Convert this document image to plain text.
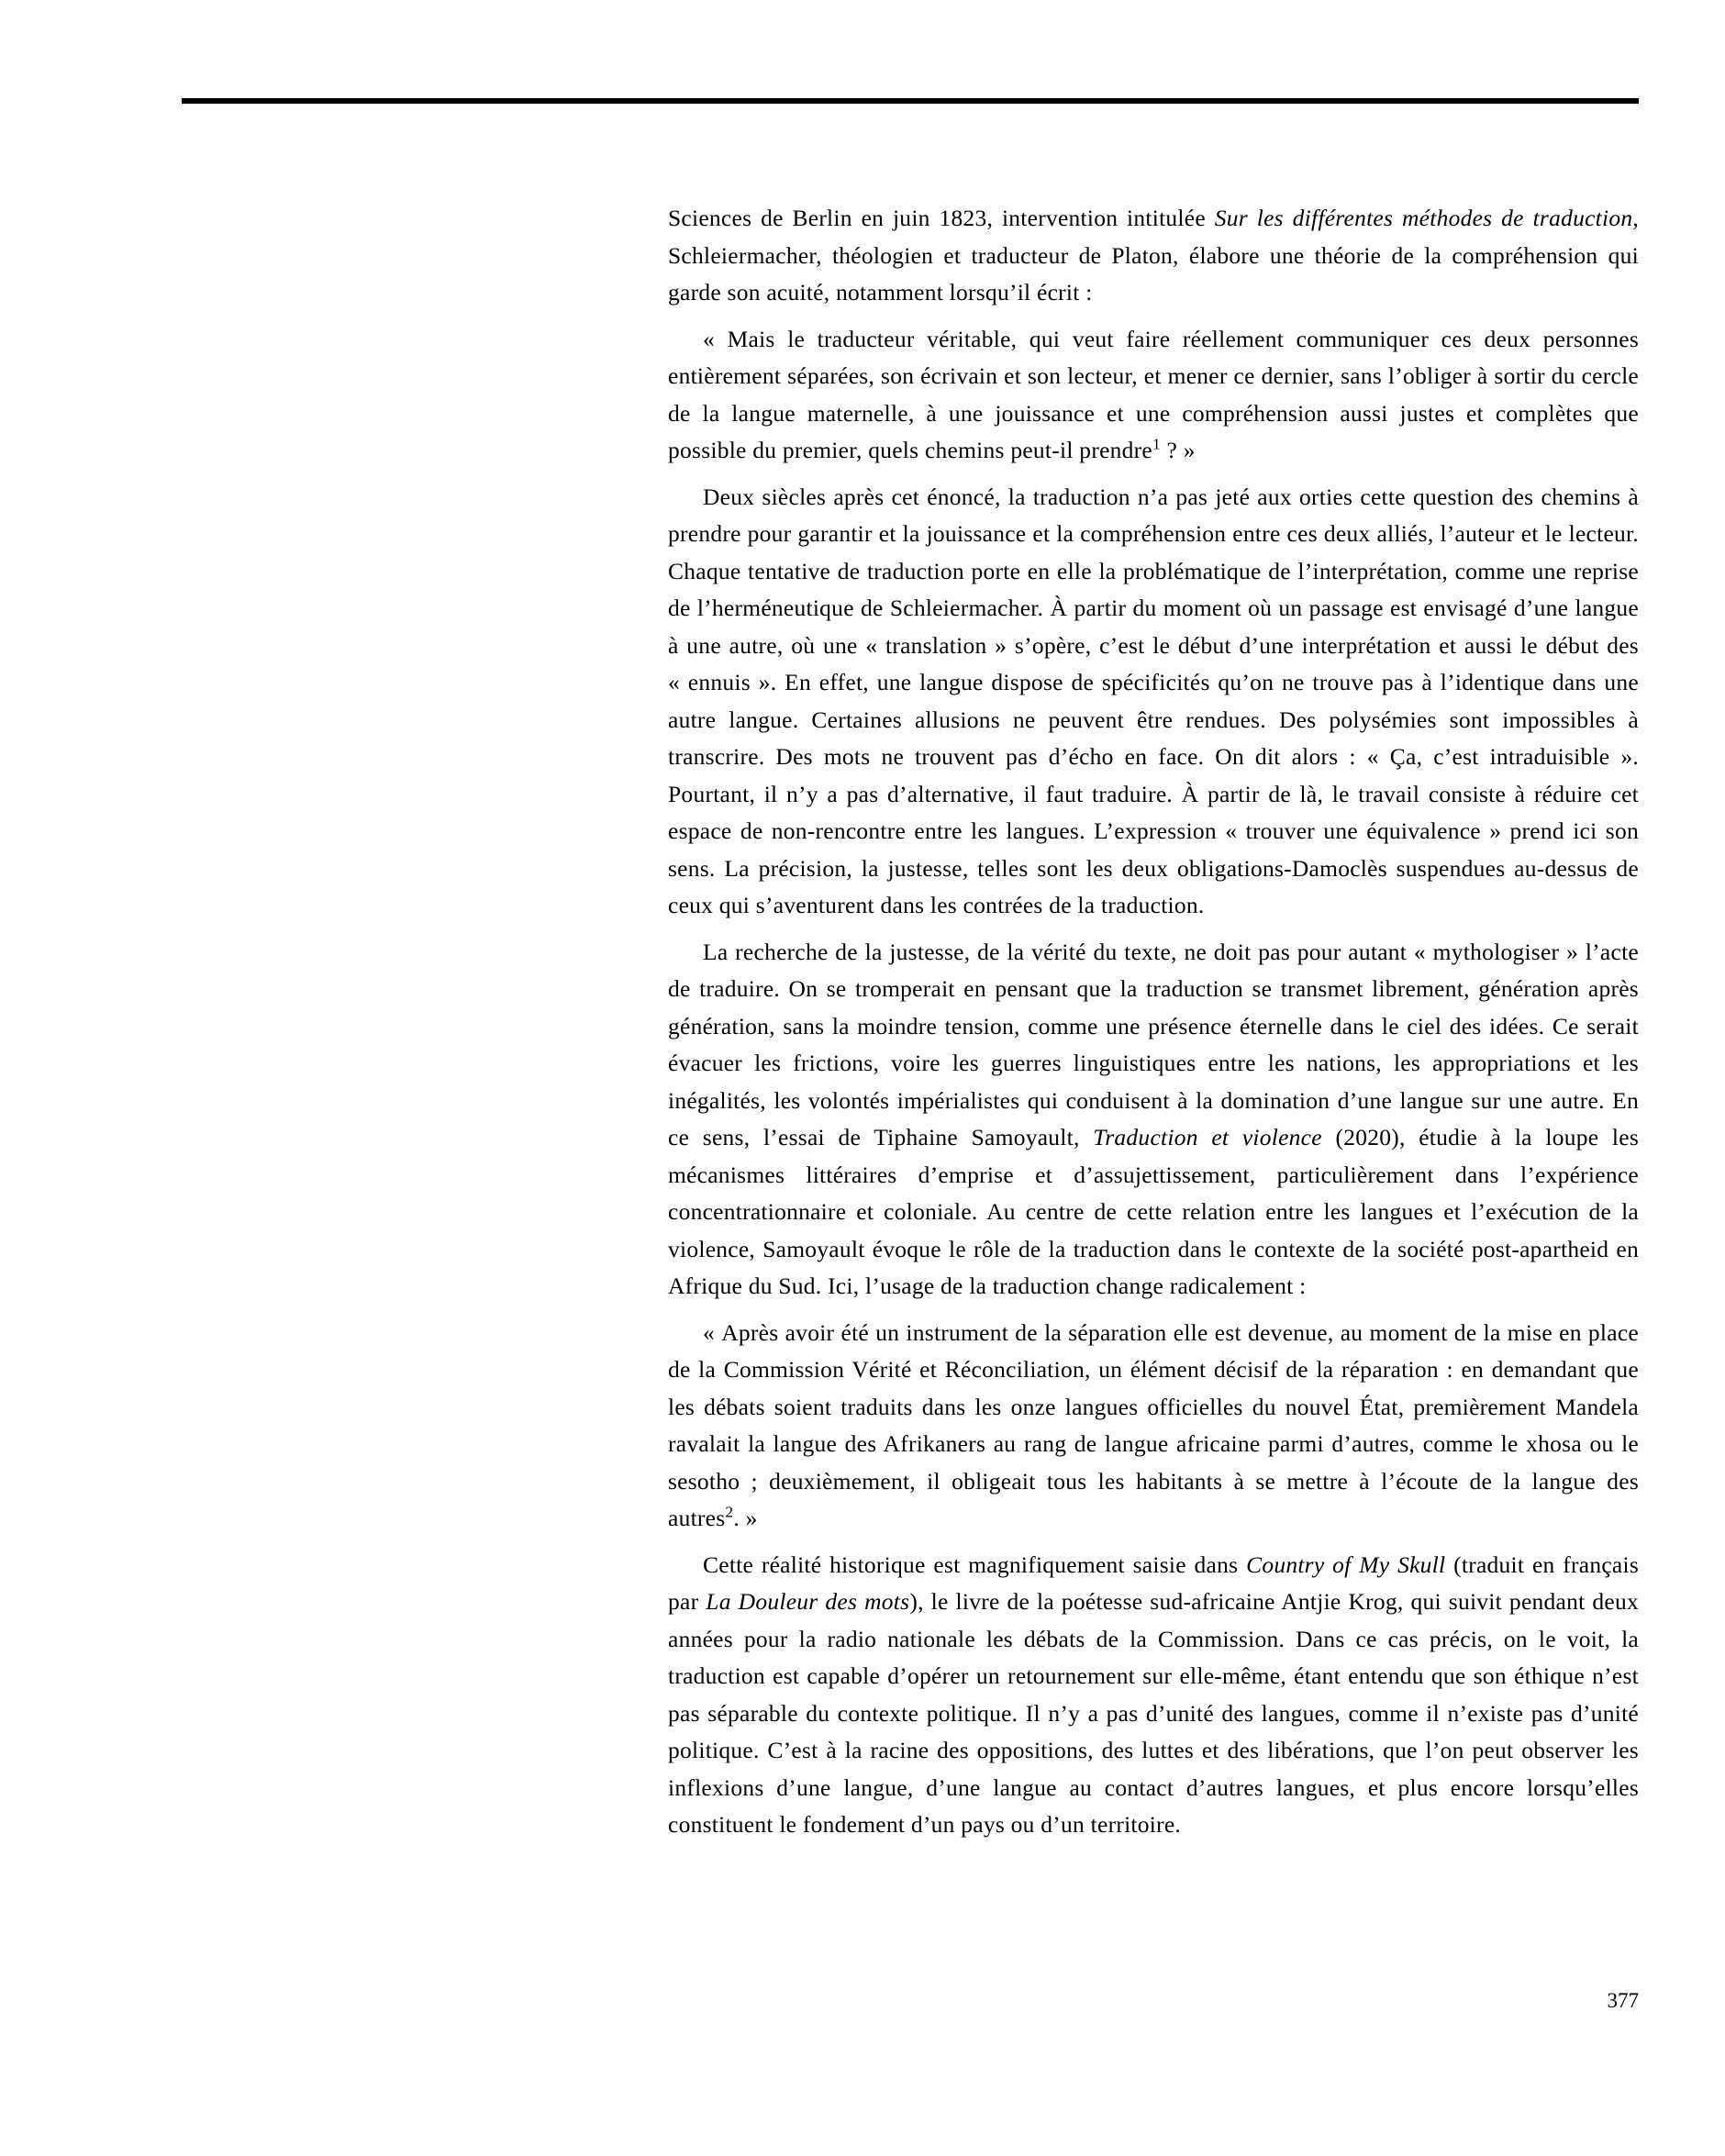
Sciences de Berlin en juin 1823, intervention intitulée Sur les différentes méthodes de traduction, Schleiermacher, théologien et traducteur de Platon, élabore une théorie de la compréhension qui garde son acuité, notamment lorsqu’il écrit :

« Mais le traducteur véritable, qui veut faire réellement communiquer ces deux personnes entièrement séparées, son écrivain et son lecteur, et mener ce dernier, sans l’obliger à sortir du cercle de la langue maternelle, à une jouissance et une compréhension aussi justes et complètes que possible du premier, quels chemins peut-il prendre$^1$ ? »

Deux siècles après cet énoncé, la traduction n’a pas jeté aux orties cette question des chemins à prendre pour garantir et la jouissance et la compréhension entre ces deux alliés, l’auteur et le lecteur. Chaque tentative de traduction porte en elle la problématique de l’interprétation, comme une reprise de l’herméneutique de Schleiermacher. À partir du moment où un passage est envisagé d’une langue à une autre, où une « translation » s’opère, c’est le début d’une interprétation et aussi le début des « ennuis ». En effet, une langue dispose de spécificités qu’on ne trouve pas à l’identique dans une autre langue. Certaines allusions ne peuvent être rendues. Des polysémies sont impossibles à transcrire. Des mots ne trouvent pas d’écho en face. On dit alors : « Ça, c’est intraduisible ». Pourtant, il n’y a pas d’alternative, il faut traduire. À partir de là, le travail consiste à réduire cet espace de non-rencontre entre les langues. L’expression « trouver une équivalence » prend ici son sens. La précision, la justesse, telles sont les deux obligations-Damoclès suspendues au-dessus de ceux qui s’aventurent dans les contrées de la traduction.

La recherche de la justesse, de la vérité du texte, ne doit pas pour autant « mythologiser » l’acte de traduire. On se tromperait en pensant que la traduction se transmet librement, génération après génération, sans la moindre tension, comme une présence éternelle dans le ciel des idées. Ce serait évacuer les frictions, voire les guerres linguistiques entre les nations, les appropriations et les inégalités, les volontés impérialistes qui conduisent à la domination d’une langue sur une autre. En ce sens, l’essai de Tiphaine Samoyault, Traduction et violence (2020), étudie à la loupe les mécanismes littéraires d’emprise et d’assujettissement, particulièrement dans l’expérience concentrationnaire et coloniale. Au centre de cette relation entre les langues et l’exécution de la violence, Samoyault évoque le rôle de la traduction dans le contexte de la société post-apartheid en Afrique du Sud. Ici, l’usage de la traduction change radicalement :

« Après avoir été un instrument de la séparation elle est devenue, au moment de la mise en place de la Commission Vérité et Réconciliation, un élément décisif de la réparation : en demandant que les débats soient traduits dans les onze langues officielles du nouvel État, premièrement Mandela ravalait la langue des Afrikaners au rang de langue africaine parmi d’autres, comme le xhosa ou le sesotho ; deuxièmement, il obligeait tous les habitants à se mettre à l’écoute de la langue des autres$^2$. »

Cette réalité historique est magnifiquement saisie dans Country of My Skull (traduit en français par La Douleur des mots), le livre de la poétesse sud-africaine Antjie Krog, qui suivit pendant deux années pour la radio nationale les débats de la Commission. Dans ce cas précis, on le voit, la traduction est capable d’opérer un retournement sur elle-même, étant entendu que son éthique n’est pas séparable du contexte politique. Il n’y a pas d’unité des langues, comme il n’existe pas d’unité politique. C’est à la racine des oppositions, des luttes et des libérations, que l’on peut observer les inflexions d’une langue, d’une langue au contact d’autres langues, et plus encore lorsqu’elles constituent le fondement d’un pays ou d’un territoire.

377
